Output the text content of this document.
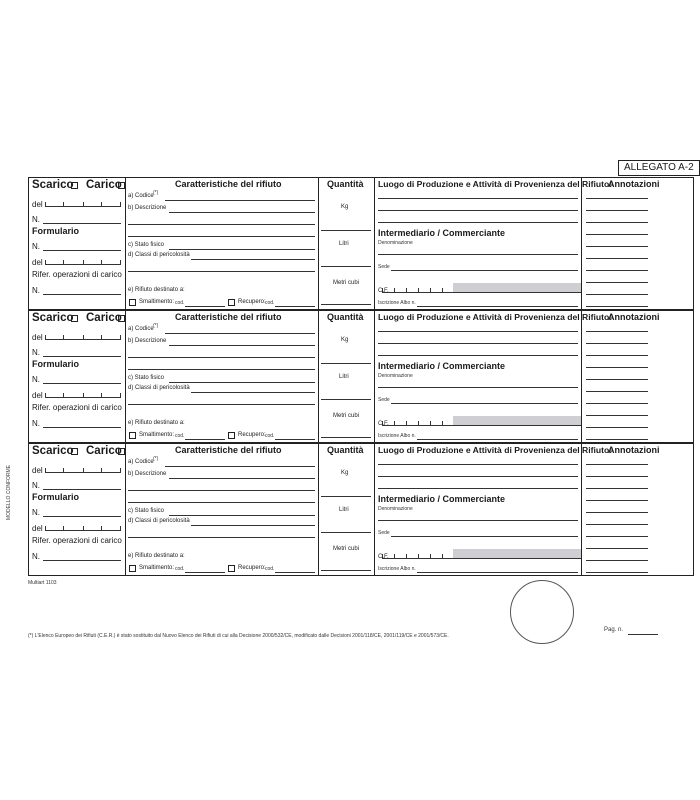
ALLEGATO A-2
Scarico Carico
del
N.
Formulario
N.
del
Rifer. operazioni di carico
N.
Caratteristiche del rifiuto
a) Codice (*)
b) Descrizione
c) Stato fisico
d) Classi di pericolosità
e) Rifiuto destinato a:
Smaltimento: cod.	Recupero: cod.
Quantità
Kg
Litri
Metri cubi
Luogo di Produzione e Attività di Provenienza del Rifiuto:
Intermediario / Commerciante
Denominazione
Sede
C.F.
Iscrizione Albo n.
Annotazioni
Scarico Carico
del
N.
Formulario
N.
del
Rifer. operazioni di carico
N.
Caratteristiche del rifiuto
a) Codice (*)
b) Descrizione
c) Stato fisico
d) Classi di pericolosità
e) Rifiuto destinato a:
Smaltimento: cod.	Recupero: cod.
Quantità
Kg
Litri
Metri cubi
Luogo di Produzione e Attività di Provenienza del Rifiuto:
Intermediario / Commerciante
Denominazione
Sede
C.F.
Iscrizione Albo n.
Annotazioni
Scarico Carico
del
N.
Formulario
N.
del
Rifer. operazioni di carico
N.
Caratteristiche del rifiuto
a) Codice (*)
b) Descrizione
c) Stato fisico
d) Classi di pericolosità
e) Rifiuto destinato a:
Smaltimento: cod.	Recupero: cod.
Quantità
Kg
Litri
Metri cubi
Luogo di Produzione e Attività di Provenienza del Rifiuto:
Intermediario / Commerciante
Denominazione
Sede
C.F.
Iscrizione Albo n.
Annotazioni
MODELLO CONFORME
Multiart 1103
Pag. n.
(*) L'Elenco Europeo dei Rifiuti (C.E.R.) è stato sostituito dal Nuovo Elenco dei Rifiuti di cui alla Decisione 2000/532/CE, modificato dalle Decisioni 2001/118/CE, 2001/119/CE e 2001/573/CE.
